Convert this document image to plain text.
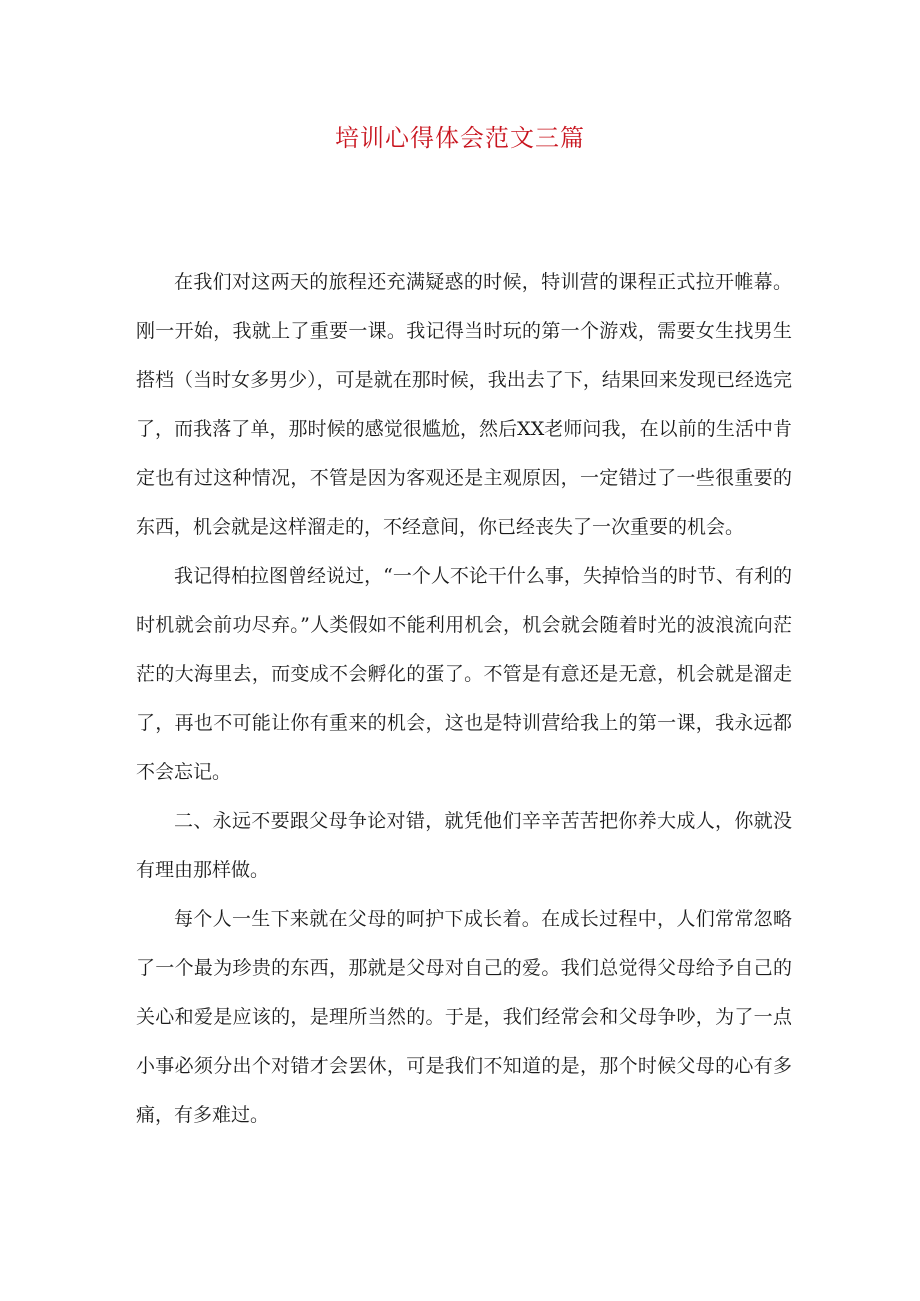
培训心得体会范文三篇

在我们对这两天的旅程还充满疑惑的时候，特训营的课程正式拉开帷幕。刚一开始，我就上了重要一课。我记得当时玩的第一个游戏，需要女生找男生搭档（当时女多男少），可是就在那时候，我出去了下，结果回来发现已经选完了，而我落了单，那时候的感觉很尴尬，然后XX老师问我，在以前的生活中肯定也有过这种情况，不管是因为客观还是主观原因，一定错过了一些很重要的东西，机会就是这样溜走的，不经意间，你已经丧失了一次重要的机会。

我记得柏拉图曾经说过，“一个人不论干什么事，失掉恰当的时节、有利的时机就会前功尽弃。”人类假如不能利用机会，机会就会随着时光的波浪流向茫茫的大海里去，而变成不会孵化的蛋了。不管是有意还是无意，机会就是溜走了，再也不可能让你有重来的机会，这也是特训营给我上的第一课，我永远都不会忘记。

二、永远不要跟父母争论对错，就凭他们辛辛苦苦把你养大成人，你就没有理由那样做。

每个人一生下来就在父母的呵护下成长着。在成长过程中，人们常常忽略了一个最为珍贵的东西，那就是父母对自己的爱。我们总觉得父母给予自己的关心和爱是应该的，是理所当然的。于是，我们经常会和父母争吵，为了一点小事必须分出个对错才会罢休，可是我们不知道的是，那个时候父母的心有多痛，有多难过。
